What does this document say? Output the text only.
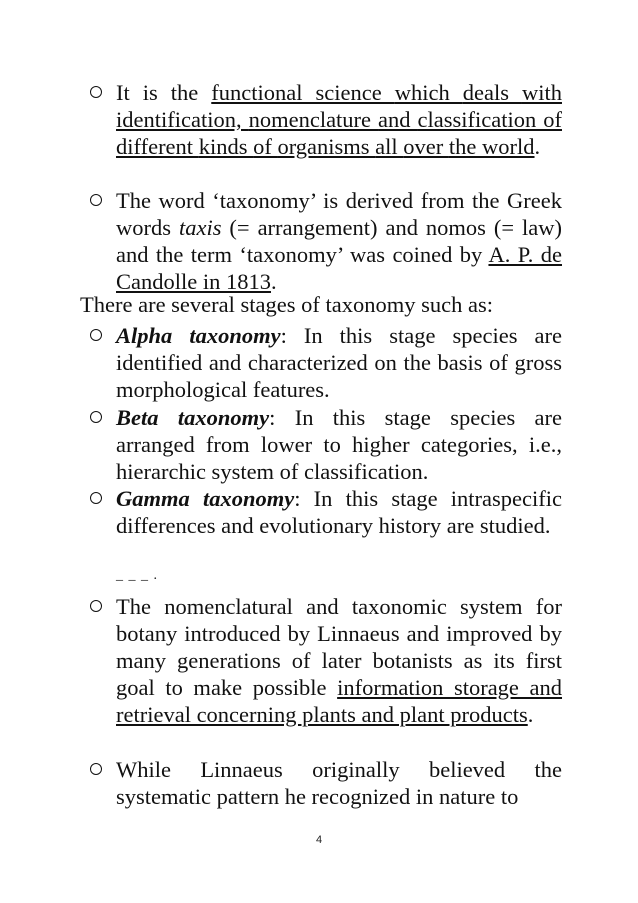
It is the functional science which deals with identification, nomenclature and classification of different kinds of organisms all over the world.
The word ‘taxonomy’ is derived from the Greek words taxis (= arrangement) and nomos (= law) and the term ‘taxonomy’ was coined by A. P. de Candolle in 1813.
There are several stages of taxonomy such as:
Alpha taxonomy: In this stage species are identified and characterized on the basis of gross morphological features.
Beta taxonomy: In this stage species are arranged from lower to higher categories, i.e., hierarchic system of classification.
Gamma taxonomy: In this stage intraspecific differences and evolutionary history are studied.
_ _ _ .
The nomenclatural and taxonomic system for botany introduced by Linnaeus and improved by many generations of later botanists as its first goal to make possible information storage and retrieval concerning plants and plant products.
While Linnaeus originally believed the systematic pattern he recognized in nature to
4
